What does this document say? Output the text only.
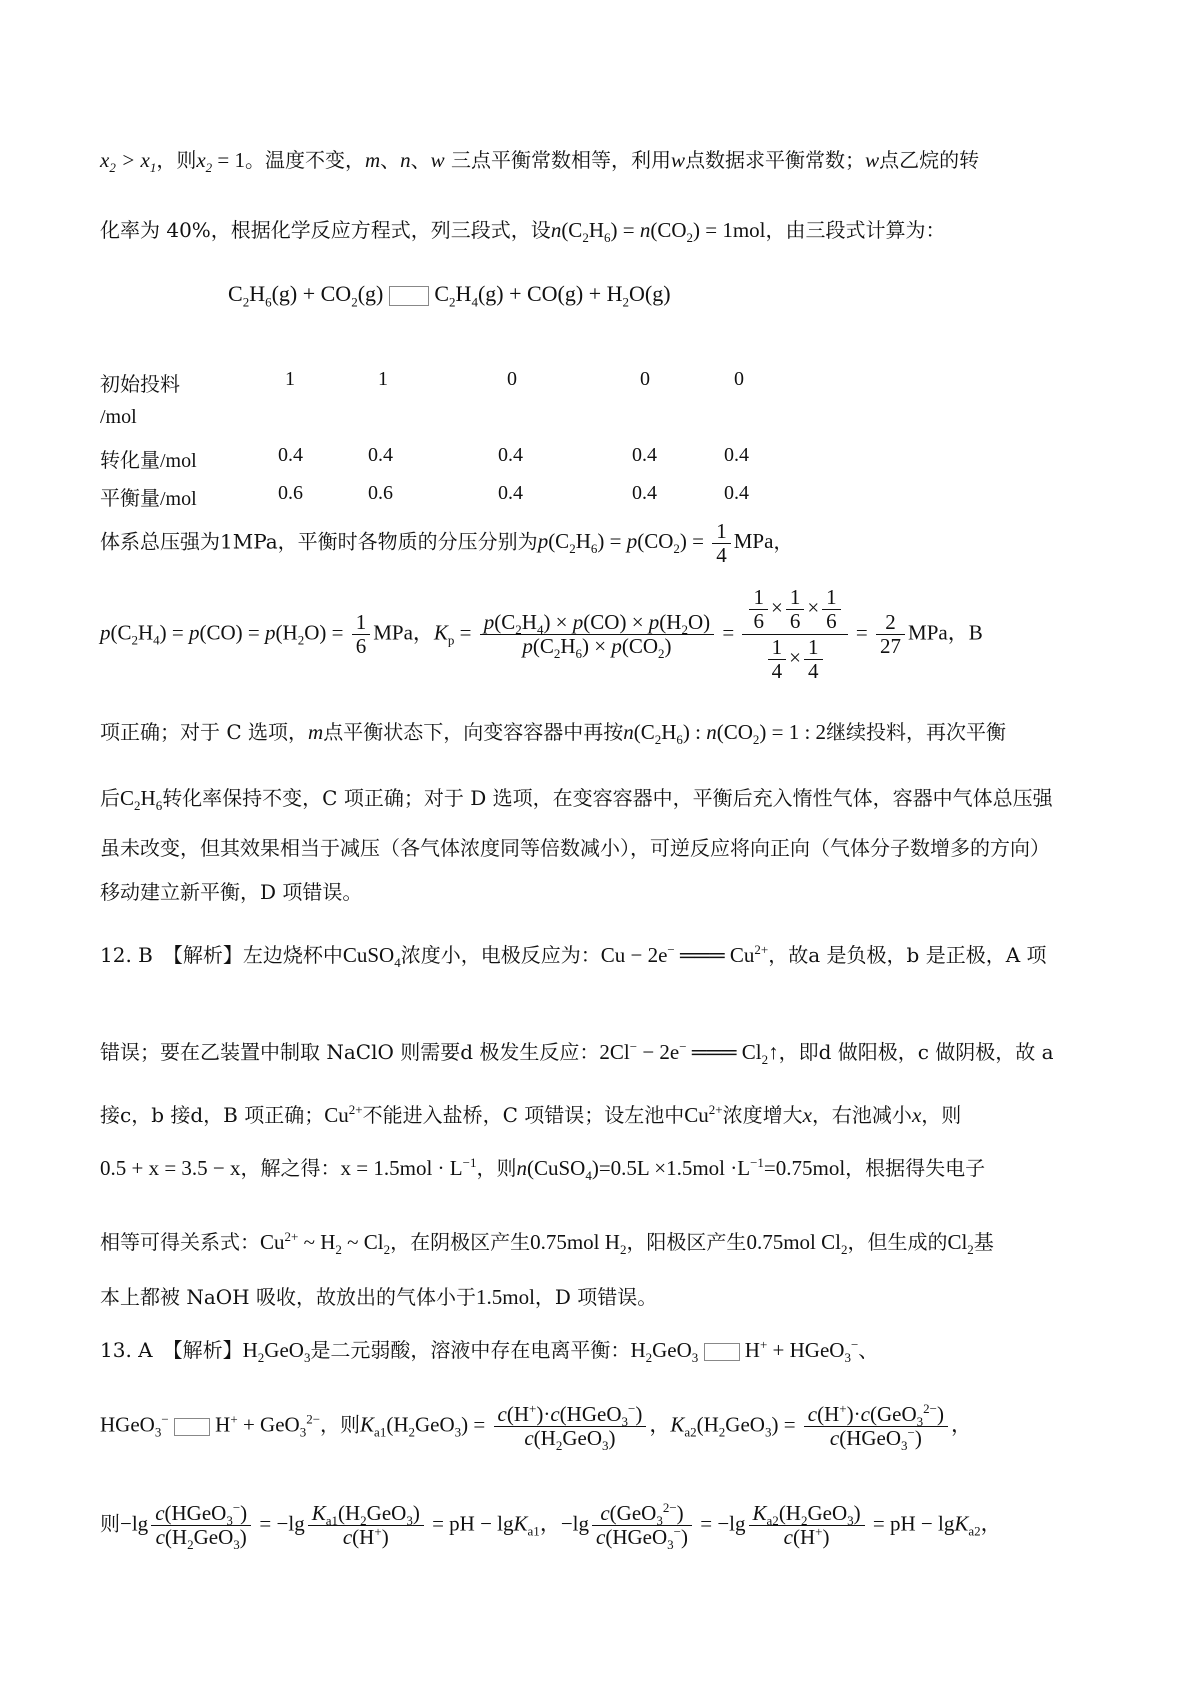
$x_2 > x_1$，则$x_2 = 1$。温度不变，m、n、w 三点平衡常数相等，利用w点数据求平衡常数；w点乙烷的转
化率为 40%，根据化学反应方程式，列三段式，设$n(C_2H_6) = n(CO_2) = 1mol$，由三段式计算为：
$C_2H_6(g) + CO_2(g) C_2H_4(g) + CO(g) + H_2O(g)$
初始投料	1	1	0	0	0
/mol
转化量/mol	0.4	0.4	0.4	0.4	0.4
平衡量/mol	0.6	0.6	0.4	0.4	0.4
体系总压强为1MPa，平衡时各物质的分压分别为$p(C_2H_6) = p(CO_2) = \frac{1}{4}$ MPa，
$p(C_2H_4) = p(CO) = p(H_2O) = \frac{1}{6}$ MPa，$K_p = \frac{p(C_2H_4) \times p(CO) \times p(H_2O)}{p(C_2H_6) \times p(CO_2)} = \frac{\frac{1}{6} \times \frac{1}{6} \times \frac{1}{6}}{\frac{1}{4} \times \frac{1}{4}} = \frac{2}{27}$ MPa，B
项正确；对于 C 选项，m点平衡状态下，向变容容器中再按$n(C_2H_6)$ : $n(CO_2) = 1$ : 2继续投料，再次平衡
后$C_2H_6$转化率保持不变，C 项正确；对于 D 选项，在变容容器中，平衡后充入惰性气体，容器中气体总压强
虽未改变，但其效果相当于减压（各气体浓度同等倍数减小），可逆反应将向正向（气体分子数增多的方向）
移动建立新平衡，D 项错误。
12. B　【解析】左边烧杯中CuSO$_4$浓度小，电极反应为：Cu − 2e− ═══ $Cu^{2+}$，故a 是负极，b 是正极，A 项
错误；要在乙装置中制取 NaClO 则需要d 极发生反应：2Cl− − 2e− ═══ $Cl_2↑$，即d 做阳极，c 做阴极，故 a
接c，b 接d，B 项正确；$Cu^{2+}$不能进入盐桥，C 项错误；设左池中$Cu^{2+}$浓度增大x，右池减小x，则
0.5 + x = 3.5 − x，解之得：$x = 1.5mol \cdot L^{-1}$，则n(CuSO$_4$)=0.5L $\times 1.5mol \cdot L^{-1}=0.75mol$，根据得失电子
相等可得关系式：$Cu^{2+}$ ~ $H_2$ ~ $Cl_2$，在阴极区产生0.75mol $H_2$，阳极区产生0.75mol $Cl_2$，但生成的$Cl_2$基
本上都被 NaOH 吸收，故放出的气体小于1.5mol，D 项错误。
13. A　【解析】$H_2GeO_3$是二元弱酸，溶液中存在电离平衡：$H_2GeO_3$  H+ + HGeO$_3$−、
HGeO$_3$−  H+ + GeO$_3^{2-}$，则$K_{a1}(H_2GeO_3) = \frac{c(H^+)\cdot c(HGeO_3^-)}{c(H_2GeO_3)}$ ，$K_{a2}(H_2GeO_3) = \frac{c(H^+)\cdot c(GeO_3^{2-})}{c(HGeO_3^-)}$ ，
则$-\lg \frac{c(HGeO_3^-)}{c(H_2GeO_3)} = -\lg \frac{K_{a1}(H_2GeO_3)}{c(H^+)}$ = pH − lgK$_{a1}$，$-\lg \frac{c(GeO_3^{2-})}{c(HGeO_3^-)} = -\lg \frac{K_{a2}(H_2GeO_3)}{c(H^+)}$ = pH − lgK$_{a2}$，
